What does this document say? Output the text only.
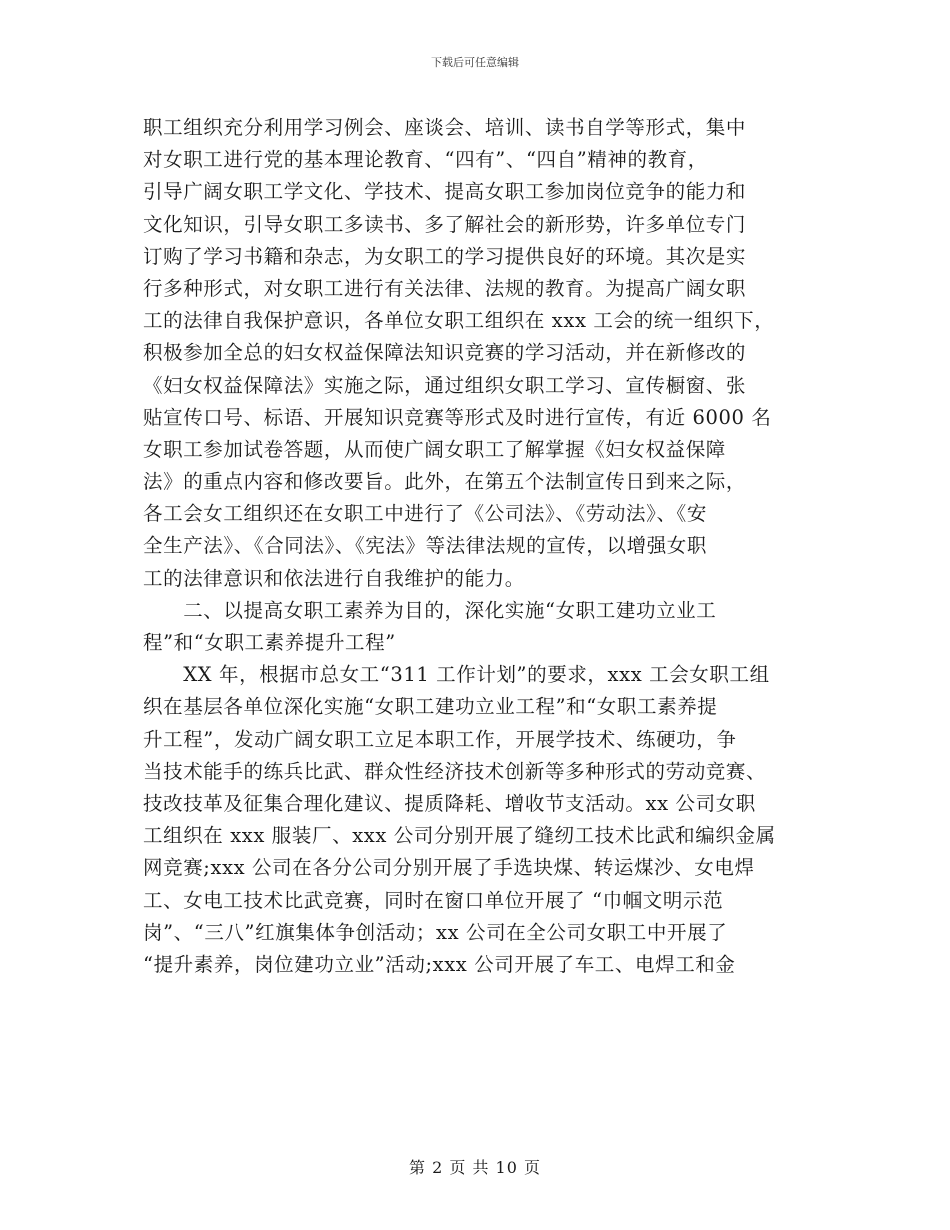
下载后可任意编辑
职工组织充分利用学习例会、座谈会、培训、读书自学等形式，集中
对女职工进行党的基本理论教育、“四有”、“四自”精神的教育，
引导广阔女职工学文化、学技术、提高女职工参加岗位竞争的能力和
文化知识，引导女职工多读书、多了解社会的新形势，许多单位专门
订购了学习书籍和杂志，为女职工的学习提供良好的环境。其次是实
行多种形式，对女职工进行有关法律、法规的教育。为提高广阔女职
工的法律自我保护意识，各单位女职工组织在 xxx 工会的统一组织下，
积极参加全总的妇女权益保障法知识竞赛的学习活动，并在新修改的
《妇女权益保障法》实施之际，通过组织女职工学习、宣传橱窗、张
贴宣传口号、标语、开展知识竞赛等形式及时进行宣传，有近 6000 名
女职工参加试卷答题，从而使广阔女职工了解掌握《妇女权益保障
法》的重点内容和修改要旨。此外，在第五个法制宣传日到来之际，
各工会女工组织还在女职工中进行了《公司法》、《劳动法》、《安
全生产法》、《合同法》、《宪法》等法律法规的宣传，以增强女职
工的法律意识和依法进行自我维护的能力。
　　二、以提高女职工素养为目的，深化实施“女职工建功立业工
程”和“女职工素养提升工程”
　　XX 年，根据市总女工“311 工作计划”的要求，xxx 工会女职工组
织在基层各单位深化实施“女职工建功立业工程”和“女职工素养提
升工程”，发动广阔女职工立足本职工作，开展学技术、练硬功，争
当技术能手的练兵比武、群众性经济技术创新等多种形式的劳动竞赛、
技改技革及征集合理化建议、提质降耗、增收节支活动。xx 公司女职
工组织在 xxx 服装厂、xxx 公司分别开展了缝纫工技术比武和编织金属
网竞赛;xxx 公司在各分公司分别开展了手选块煤、转运煤沙、女电焊
工、女电工技术比武竞赛，同时在窗口单位开展了 “巾帼文明示范
岗”、“三八”红旗集体争创活动；xx 公司在全公司女职工中开展了
“提升素养，岗位建功立业”活动;xxx 公司开展了车工、电焊工和金
第 2 页 共 10 页
